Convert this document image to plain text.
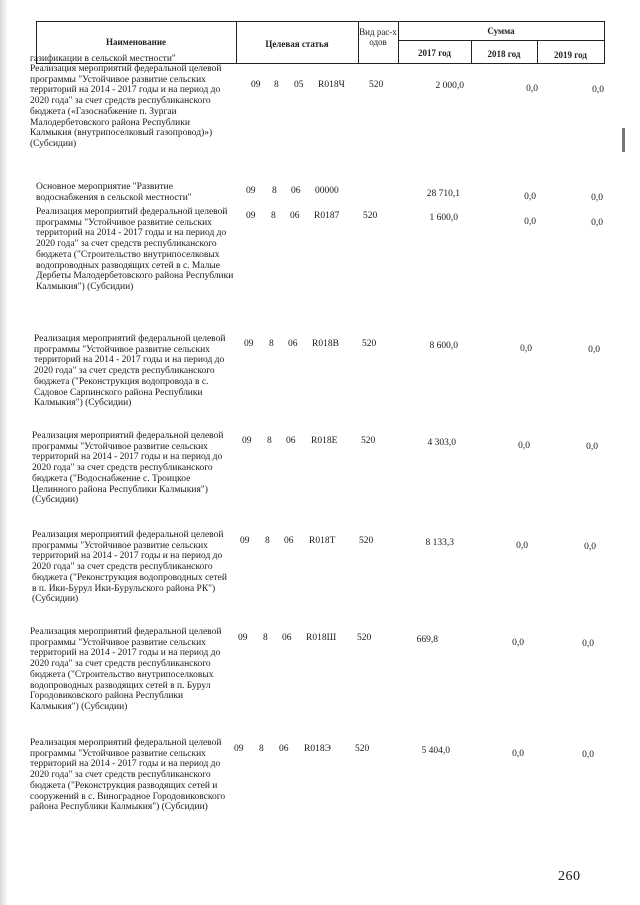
Наименование	Целевая статья
Вид рас-ходов
Сумма
2017 год	2018 год	2019 год
газификации в сельской местности"
Реализация мероприятий федеральной целевой программы "Устойчивое развитие сельских территорий на 2014 - 2017 годы и на период до 2020 года" за счет средств республиканского бюджета («Газоснабжение п. Зургаи Малодербетовского района Республики Калмыкия (внутрипоселковый газопровод)») (Субсидии)
09 8 05 R018Ч	520	2 000,0	0,0	0,0
Основное мероприятие "Развитие водоснабжения в сельской местности"
09 8 06 00000	28 710,1	0,0	0,0
Реализация мероприятий федеральной целевой программы "Устойчивое развитие сельских территорий на 2014 - 2017 годы и на период до 2020 года" за счет средств республиканского бюджета ("Строительство внутрипоселковых водопроводных разводящих сетей в с. Малые Дербеты Малодербетовского района Республики Калмыкия") (Субсидии)
09 8 06 R0187 520	1 600,0	0,0	0,0
Реализация мероприятий федеральной целевой программы "Устойчивое развитие сельских территорий на 2014 - 2017 годы и на период до 2020 года" за счет средств республиканского бюджета ("Реконструкция водопровода в с. Садовое Сарпинского района Республики Калмыкия") (Субсидии)
09 8 06 R018В 520	8 600,0	0,0	0,0
Реализация мероприятий федеральной целевой программы "Устойчивое развитие сельских территорий на 2014 - 2017 годы и на период до 2020 года" за счет средств республиканского бюджета ("Водоснабжение с. Троицкое Целинного района Республики Калмыкия") (Субсидии)
09 8 06 R018Е 520	4 303,0	0,0	0,0
Реализация мероприятий федеральной целевой программы "Устойчивое развитие сельских территорий на 2014 - 2017 годы и на период до 2020 года" за счет средств республиканского бюджета ("Реконструкция водопроводных сетей в п. Ики-Бурул Ики-Бурульского района РК") (Субсидии)
09 8 06 R018Т 520	8 133,3	0,0	0,0
Реализация мероприятий федеральной целевой программы "Устойчивое развитие сельских территорий на 2014 - 2017 годы и на период до 2020 года" за счет средств республиканского бюджета ("Строительство внутрипоселковых водопроводных разводящих сетей в п. Бурул Городовиковского района Республики Калмыкия") (Субсидии)
09 8 06 R018Ш 520	669,8	0,0	0,0
Реализация мероприятий федеральной целевой программы "Устойчивое развитие сельских территорий на 2014 - 2017 годы и на период до 2020 года" за счет средств республиканского бюджета ("Реконструкция разводящих сетей и сооружений в с. Виноградное Городовиковского района Республики Калмыкия") (Субсидии)
09 8 06 R018Э	520	5 404,0	0,0	0,0
260
